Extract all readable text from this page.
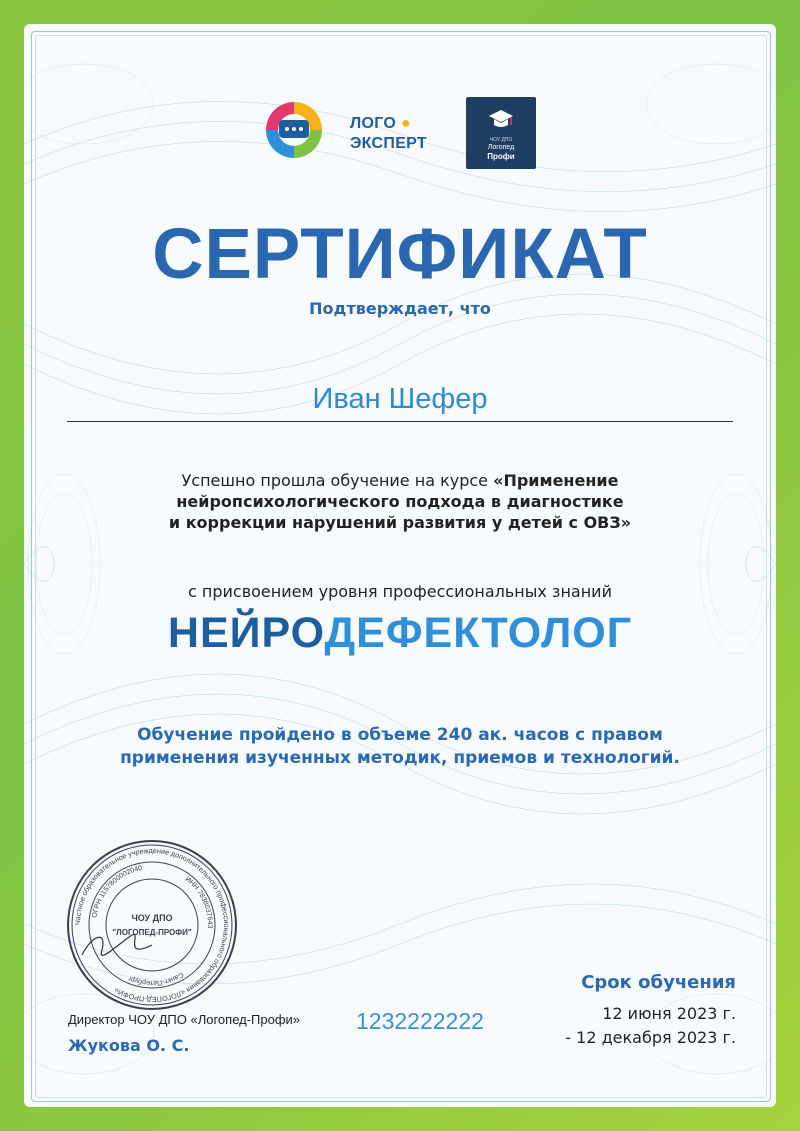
ЛОГО ●
ЭКСПЕРТ	ЧОУ ДПО
Логопед
Профи
СЕРТИФИКАТ
Подтверждает, что
Иван Шефер
Успешно прошла обучение на курсе «Применение
нейропсихологического подхода в диагностике
и коррекции нарушений развития у детей с ОВЗ»
с присвоением уровня профессиональных знаний
НЕЙРОДЕФЕКТОЛОГ
Обучение пройдено в объеме 240 ак. часов с правом
применения изученных методик, приемов и технологий.
Частное образовательное учреждение дополнительного профессионального образования «ЛОГОПЕД-ПРОФИ»
ОГРН 1157800002040
ИНН 7838037643
Санкт-Петербург
ЧОУ ДПО
"ЛОГОПЕД-ПРОФИ"
Директор ЧОУ ДПО «Логопед-Профи»
Жукова О. С.
1232222222
Срок обучения
12 июня 2023 г.
- 12 декабря 2023 г.
